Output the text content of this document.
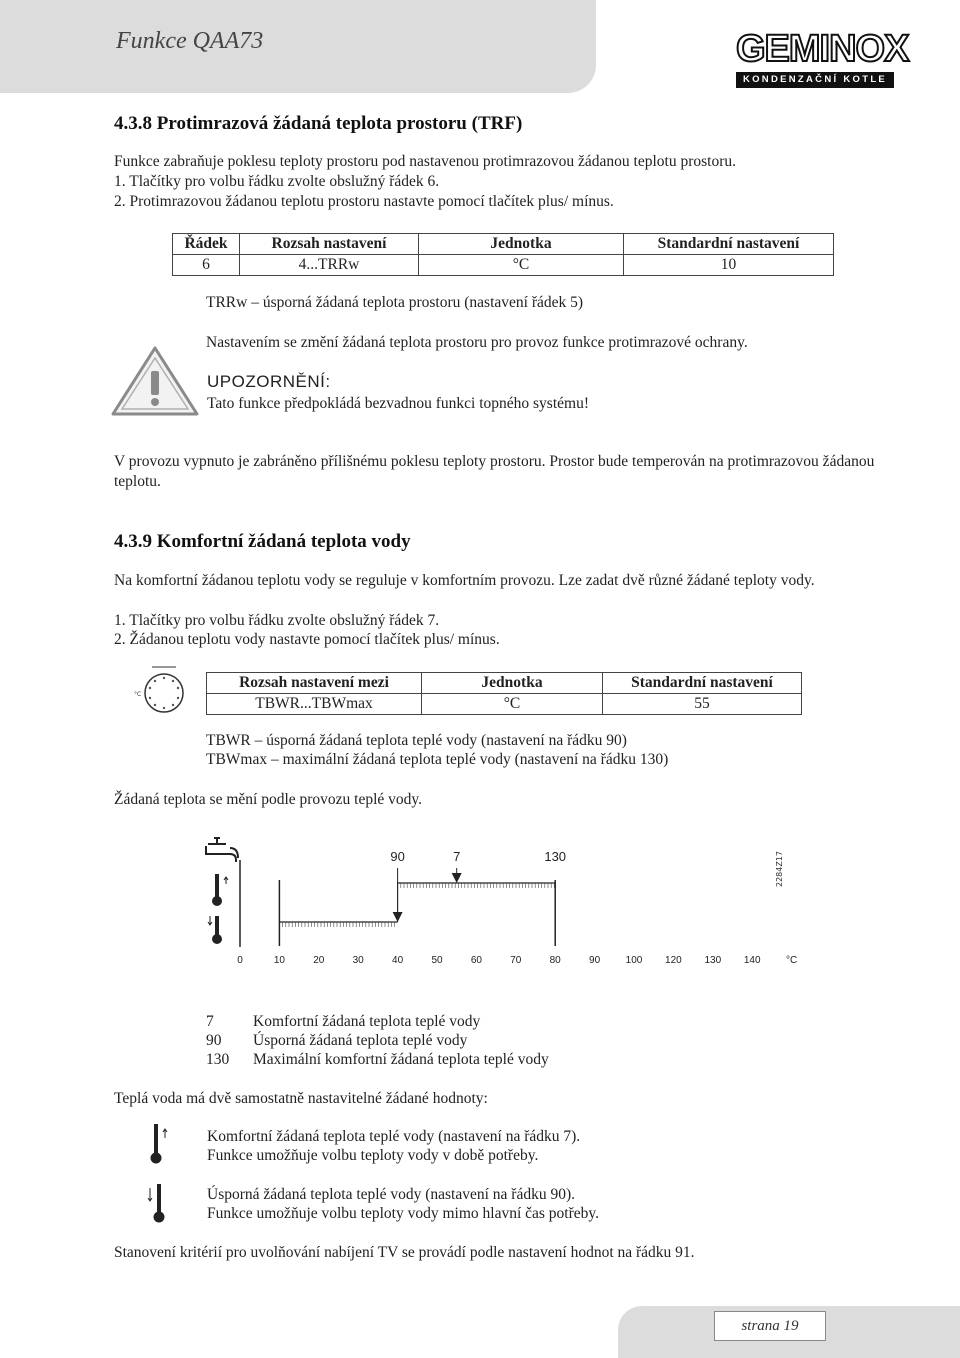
Funkce QAA73	GEMINOX
KONDENZAČNÍ KOTLE
4.3.8 Protimrazová žádaná teplota prostoru (TRF)
Funkce zabraňuje poklesu teploty prostoru pod nastavenou protimrazovou žádanou teplotu prostoru.
1. Tlačítky pro volbu řádku zvolte obslužný řádek 6.
2. Protimrazovou žádanou teplotu prostoru nastavte pomocí tlačítek plus/ mínus.
Řádek	Rozsah nastavení	Jednotka	Standardní nastavení
6	4...TRRw	°C	10
TRRw – úsporná žádaná teplota prostoru (nastavení řádek 5)
Nastavením se změní žádaná teplota prostoru pro provoz funkce protimrazové ochrany.
UPOZORNĚNÍ:
Tato funkce předpokládá bezvadnou funkci topného systému!
V provozu vypnuto je zabráněno přílišnému poklesu teploty prostoru. Prostor bude temperován na protimrazovou žádanou teplotu.
4.3.9 Komfortní žádaná teplota vody
Na komfortní žádanou teplotu vody se reguluje v komfortním provozu. Lze zadat dvě různé žádané teploty vody.
1. Tlačítky pro volbu řádku zvolte obslužný řádek 7.
2. Žádanou teplotu vody nastavte pomocí tlačítek plus/ mínus.
°C
Rozsah nastavení mezi	Jednotka	Standardní nastavení
TBWR...TBWmax	°C	55
TBWR – úsporná žádaná teplota teplé vody (nastavení na řádku 90)
TBWmax – maximální žádaná teplota teplé vody (nastavení na řádku 130)
Žádaná teplota se mění podle provozu teplé vody.
0	10	20	30	40	50	60	70	80	90	100 120 130 140	°C
90	7	130	2284Z17
7	Komfortní žádaná teplota teplé vody
90 Úsporná žádaná teplota teplé vody
130 Maximální komfortní žádaná teplota teplé vody
Teplá voda má dvě samostatně nastavitelné žádané hodnoty:
Komfortní žádaná teplota teplé vody (nastavení na řádku 7).
Funkce umožňuje volbu teploty vody v době potřeby.
Úsporná žádaná teplota teplé vody (nastavení na řádku 90).
Funkce umožňuje volbu teploty vody mimo hlavní čas potřeby.
Stanovení kritérií pro uvolňování nabíjení TV se provádí podle nastavení hodnot na řádku 91.
strana 19
